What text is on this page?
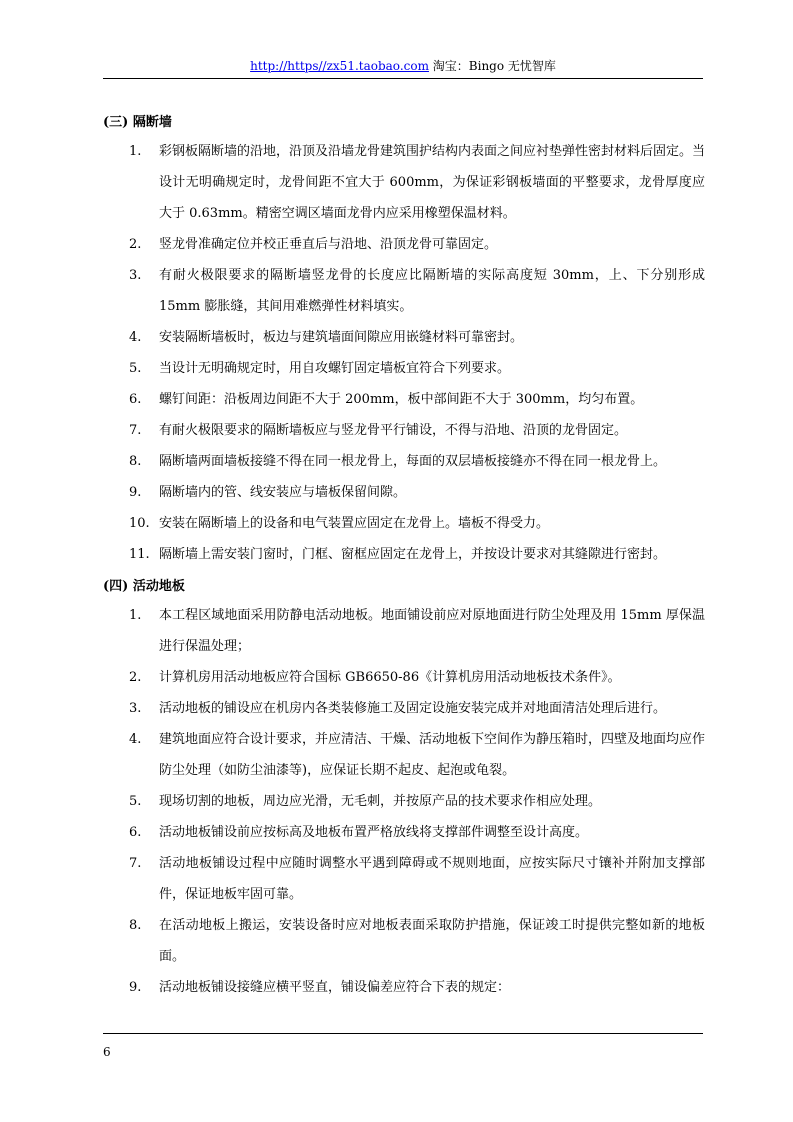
http://https//zx51.taobao.com 淘宝：Bingo 无忧智库

(三) 隔断墙

1.	彩钢板隔断墙的沿地，沿顶及沿墙龙骨建筑围护结构内表面之间应衬垫弹性密封材料后固定。当设计无明确规定时，龙骨间距不宜大于 600mm，为保证彩钢板墙面的平整要求，龙骨厚度应大于 0.63mm。精密空调区墙面龙骨内应采用橡塑保温材料。

2.	竖龙骨准确定位并校正垂直后与沿地、沿顶龙骨可靠固定。

3.	有耐火极限要求的隔断墙竖龙骨的长度应比隔断墙的实际高度短 30mm，上、下分别形成 15mm 膨胀缝，其间用难燃弹性材料填实。

4.	安装隔断墙板时，板边与建筑墙面间隙应用嵌缝材料可靠密封。

5.	当设计无明确规定时，用自攻螺钉固定墙板宜符合下列要求。

6.	螺钉间距：沿板周边间距不大于 200mm，板中部间距不大于 300mm，均匀布置。

7.	有耐火极限要求的隔断墙板应与竖龙骨平行铺设，不得与沿地、沿顶的龙骨固定。

8.	隔断墙两面墙板接缝不得在同一根龙骨上，每面的双层墙板接缝亦不得在同一根龙骨上。

9.	隔断墙内的管、线安装应与墙板保留间隙。

10. 安装在隔断墙上的设备和电气装置应固定在龙骨上。墙板不得受力。

11. 隔断墙上需安装门窗时，门框、窗框应固定在龙骨上，并按设计要求对其缝隙进行密封。

(四) 活动地板

1.	本工程区域地面采用防静电活动地板。地面铺设前应对原地面进行防尘处理及用 15mm 厚保温进行保温处理；

2.	计算机房用活动地板应符合国标 GB6650-86《计算机房用活动地板技术条件》。

3.	活动地板的铺设应在机房内各类装修施工及固定设施安装完成并对地面清洁处理后进行。

4.	建筑地面应符合设计要求，并应清洁、干燥、活动地板下空间作为静压箱时，四壁及地面均应作防尘处理（如防尘油漆等)，应保证长期不起皮、起泡或龟裂。

5.	现场切割的地板，周边应光滑，无毛刺，并按原产品的技术要求作相应处理。

6.	活动地板铺设前应按标高及地板布置严格放线将支撑部件调整至设计高度。

7.	活动地板铺设过程中应随时调整水平遇到障碍或不规则地面，应按实际尺寸镶补并附加支撑部件，保证地板牢固可靠。

8.	在活动地板上搬运，安装设备时应对地板表面采取防护措施，保证竣工时提供完整如新的地板面。

9.	活动地板铺设接缝应横平竖直，铺设偏差应符合下表的规定：

6
